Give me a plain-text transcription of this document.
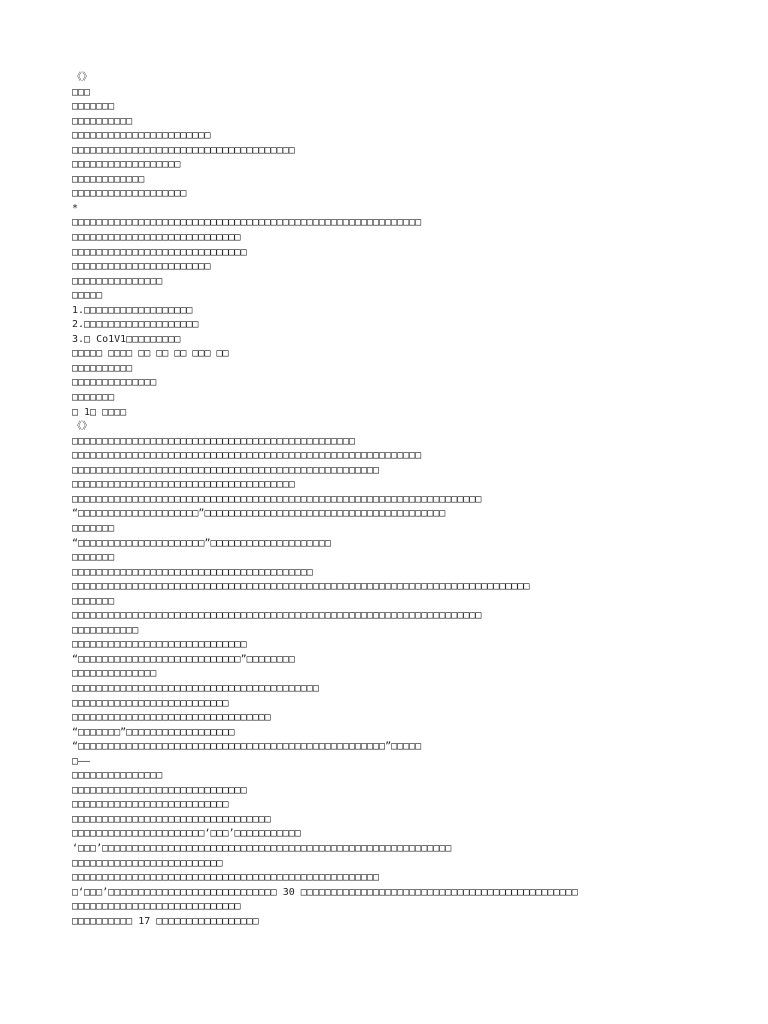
《》
□□□
□□□□□□□
□□□□□□□□□□
□□□□□□□□□□□□□□□□□□□□□□□
□□□□□□□□□□□□□□□□□□□□□□□□□□□□□□□□□□□□□
□□□□□□□□□□□□□□□□□□
□□□□□□□□□□□□
□□□□□□□□□□□□□□□□□□□
*
□□□□□□□□□□□□□□□□□□□□□□□□□□□□□□□□□□□□□□□□□□□□□□□□□□□□□□□□□□
□□□□□□□□□□□□□□□□□□□□□□□□□□□□
□□□□□□□□□□□□□□□□□□□□□□□□□□□□□
□□□□□□□□□□□□□□□□□□□□□□□
□□□□□□□□□□□□□□□
□□□□□
1.□□□□□□□□□□□□□□□□□□
2.□□□□□□□□□□□□□□□□□□□
3.□ Co1V1□□□□□□□□□
□□□□□ □□□□ □□ □□ □□ □□□ □□
□□□□□□□□□□
□□□□□□□□□□□□□□
□□□□□□□
□ 1□ □□□□
《》
□□□□□□□□□□□□□□□□□□□□□□□□□□□□□□□□□□□□□□□□□□□□□□□
□□□□□□□□□□□□□□□□□□□□□□□□□□□□□□□□□□□□□□□□□□□□□□□□□□□□□□□□□□
□□□□□□□□□□□□□□□□□□□□□□□□□□□□□□□□□□□□□□□□□□□□□□□□□□□
□□□□□□□□□□□□□□□□□□□□□□□□□□□□□□□□□□□□□
□□□□□□□□□□□□□□□□□□□□□□□□□□□□□□□□□□□□□□□□□□□□□□□□□□□□□□□□□□□□□□□□□□□□
“□□□□□□□□□□□□□□□□□□□□”□□□□□□□□□□□□□□□□□□□□□□□□□□□□□□□□□□□□□□□□
□□□□□□□
“□□□□□□□□□□□□□□□□□□□□□”□□□□□□□□□□□□□□□□□□□□
□□□□□□□
□□□□□□□□□□□□□□□□□□□□□□□□□□□□□□□□□□□□□□□□
□□□□□□□□□□□□□□□□□□□□□□□□□□□□□□□□□□□□□□□□□□□□□□□□□□□□□□□□□□□□□□□□□□□□□□□□□□□□
□□□□□□□
□□□□□□□□□□□□□□□□□□□□□□□□□□□□□□□□□□□□□□□□□□□□□□□□□□□□□□□□□□□□□□□□□□□□
□□□□□□□□□□□
□□□□□□□□□□□□□□□□□□□□□□□□□□□□□
“□□□□□□□□□□□□□□□□□□□□□□□□□□□”□□□□□□□□
□□□□□□□□□□□□□□
□□□□□□□□□□□□□□□□□□□□□□□□□□□□□□□□□□□□□□□□□
□□□□□□□□□□□□□□□□□□□□□□□□□□
□□□□□□□□□□□□□□□□□□□□□□□□□□□□□□□□□
“□□□□□□□”□□□□□□□□□□□□□□□□□□
“□□□□□□□□□□□□□□□□□□□□□□□□□□□□□□□□□□□□□□□□□□□□□□□□□□□”□□□□□
□——
□□□□□□□□□□□□□□□
□□□□□□□□□□□□□□□□□□□□□□□□□□□□□
□□□□□□□□□□□□□□□□□□□□□□□□□□
□□□□□□□□□□□□□□□□□□□□□□□□□□□□□□□□□
□□□□□□□□□□□□□□□□□□□□□□‘□□□’□□□□□□□□□□□
‘□□□’□□□□□□□□□□□□□□□□□□□□□□□□□□□□□□□□□□□□□□□□□□□□□□□□□□□□□□□□□□
□□□□□□□□□□□□□□□□□□□□□□□□□
□□□□□□□□□□□□□□□□□□□□□□□□□□□□□□□□□□□□□□□□□□□□□□□□□□□
□‘□□□’□□□□□□□□□□□□□□□□□□□□□□□□□□□□ 30 □□□□□□□□□□□□□□□□□□□□□□□□□□□□□□□□□□□□□□□□□□□□□□
□□□□□□□□□□□□□□□□□□□□□□□□□□□□
□□□□□□□□□□ 17 □□□□□□□□□□□□□□□□□
